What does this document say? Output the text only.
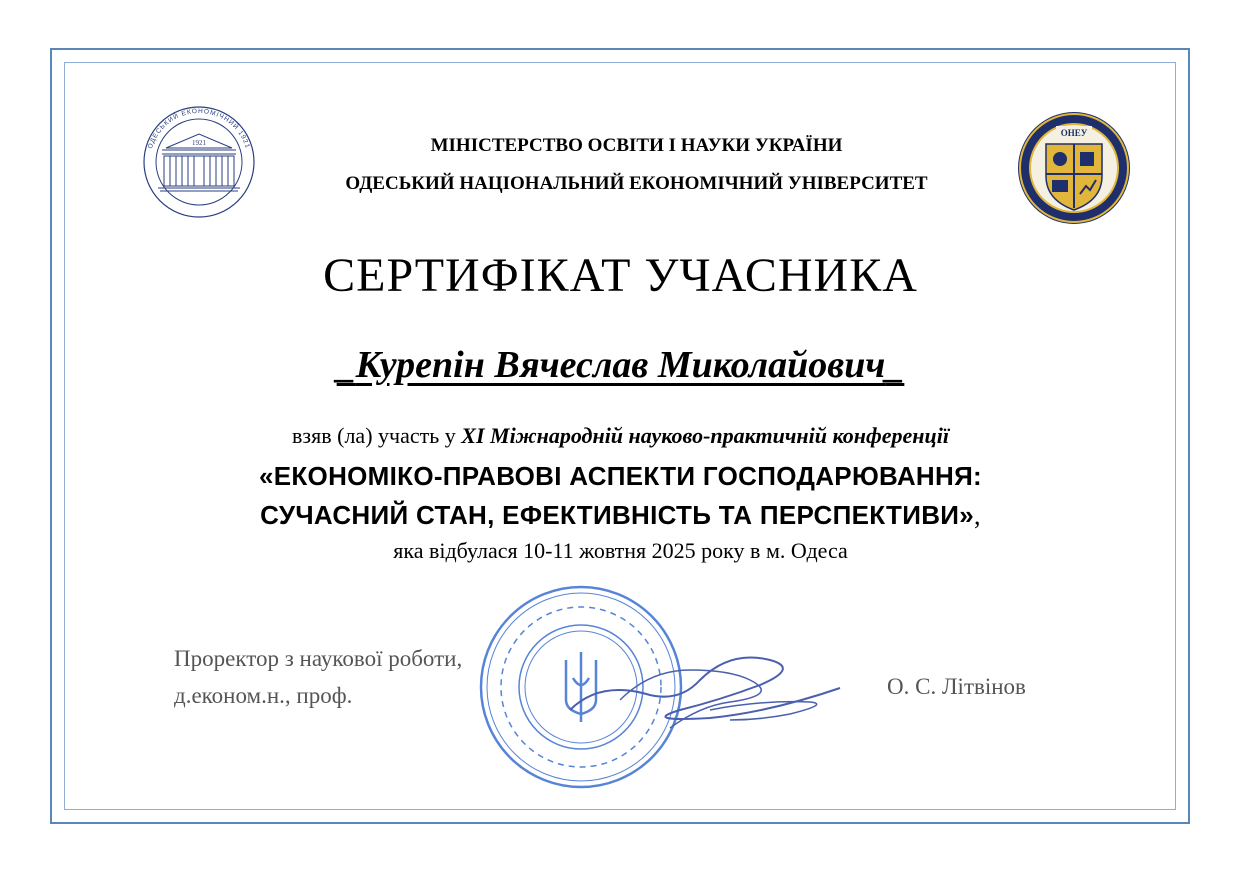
1921
ОДЕСЬКИЙ ЕКОНОМІЧНИЙ 1921
ОНЕУ
МІНІСТЕРСТВО ОСВІТИ І НАУКИ УКРАЇНИ
ОДЕСЬКИЙ НАЦІОНАЛЬНИЙ ЕКОНОМІЧНИЙ УНІВЕРСИТЕТ
СЕРТИФІКАТ УЧАСНИКА
_Курепін Вячеслав Миколайович_
взяв (ла) участь у XI Міжнародній науково-практичній конференції
«ЕКОНОМІКО-ПРАВОВІ АСПЕКТИ ГОСПОДАРЮВАННЯ:
СУЧАСНИЙ СТАН, ЕФЕКТИВНІСТЬ ТА ПЕРСПЕКТИВИ»,
яка відбулася 10-11 жовтня 2025 року в м. Одеса
Проректор з наукової роботи,
д.економ.н., проф.	О. С. Літвінов
